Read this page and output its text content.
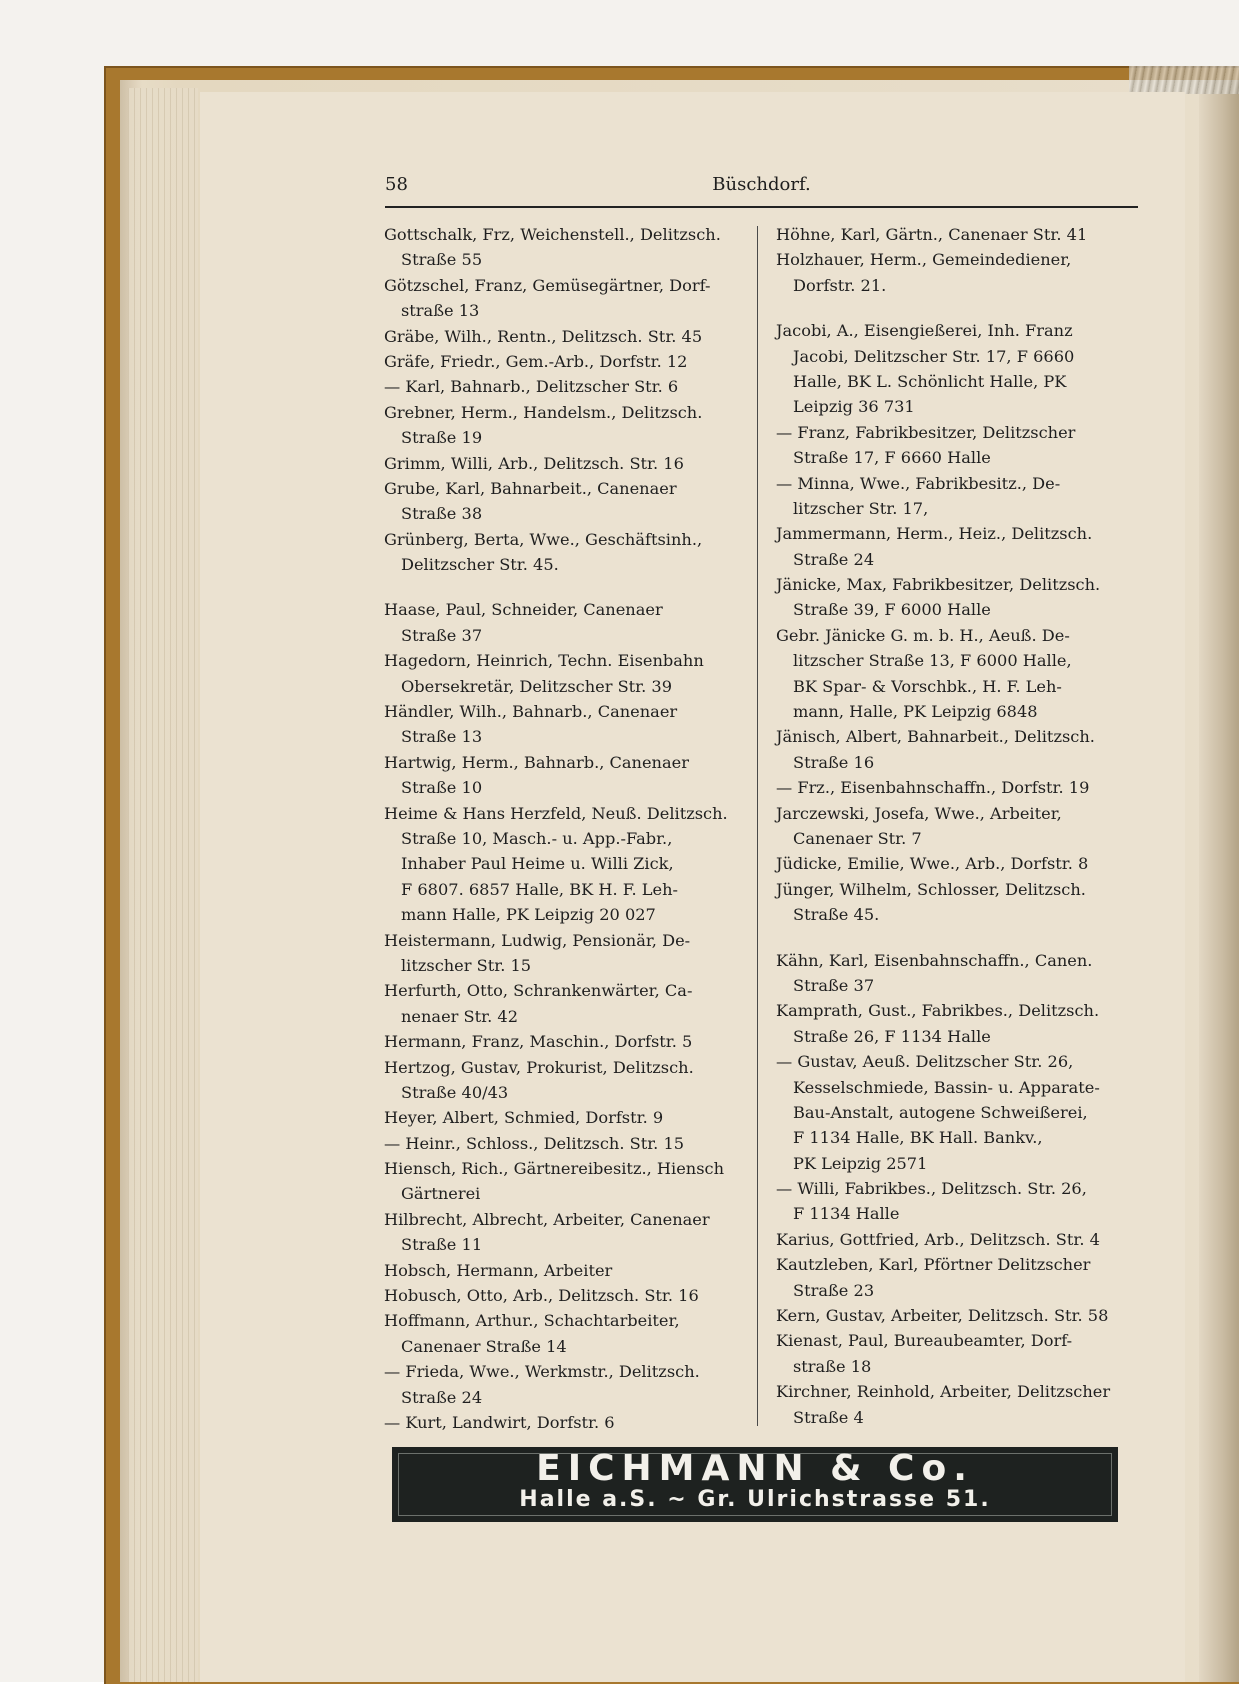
58	Büschdorf.
Gottschalk, Frz, Weichenstell., Delitzsch.
Straße 55
Götzschel, Franz, Gemüsegärtner, Dorf-
straße 13
Gräbe, Wilh., Rentn., Delitzsch. Str. 45
Gräfe, Friedr., Gem.-Arb., Dorfstr. 12
— Karl, Bahnarb., Delitzscher Str. 6
Grebner, Herm., Handelsm., Delitzsch.
Straße 19
Grimm, Willi, Arb., Delitzsch. Str. 16
Grube, Karl, Bahnarbeit., Canenaer
Straße 38
Grünberg, Berta, Wwe., Geschäftsinh.,
Delitzscher Str. 45.
Haase, Paul, Schneider, Canenaer
Straße 37
Hagedorn, Heinrich, Techn. Eisenbahn
Obersekretär, Delitzscher Str. 39
Händler, Wilh., Bahnarb., Canenaer
Straße 13
Hartwig, Herm., Bahnarb., Canenaer
Straße 10
Heime & Hans Herzfeld, Neuß. Delitzsch.
Straße 10, Masch.- u. App.-Fabr.,
Inhaber Paul Heime u. Willi Zick,
F 6807. 6857 Halle, BK H. F. Leh-
mann Halle, PK Leipzig 20 027
Heistermann, Ludwig, Pensionär, De-
litzscher Str. 15
Herfurth, Otto, Schrankenwärter, Ca-
nenaer Str. 42
Hermann, Franz, Maschin., Dorfstr. 5
Hertzog, Gustav, Prokurist, Delitzsch.
Straße 40/43
Heyer, Albert, Schmied, Dorfstr. 9
— Heinr., Schloss., Delitzsch. Str. 15
Hiensch, Rich., Gärtnereibesitz., Hiensch
Gärtnerei
Hilbrecht, Albrecht, Arbeiter, Canenaer
Straße 11
Hobsch, Hermann, Arbeiter
Hobusch, Otto, Arb., Delitzsch. Str. 16
Hoffmann, Arthur., Schachtarbeiter,
Canenaer Straße 14
— Frieda, Wwe., Werkmstr., Delitzsch.
Straße 24
— Kurt, Landwirt, Dorfstr. 6
Höhne, Karl, Gärtn., Canenaer Str. 41
Holzhauer, Herm., Gemeindediener,
Dorfstr. 21.
Jacobi, A., Eisengießerei, Inh. Franz
Jacobi, Delitzscher Str. 17, F 6660
Halle, BK L. Schönlicht Halle, PK
Leipzig 36 731
— Franz, Fabrikbesitzer, Delitzscher
Straße 17, F 6660 Halle
— Minna, Wwe., Fabrikbesitz., De-
litzscher Str. 17,
Jammermann, Herm., Heiz., Delitzsch.
Straße 24
Jänicke, Max, Fabrikbesitzer, Delitzsch.
Straße 39, F 6000 Halle
Gebr. Jänicke G. m. b. H., Aeuß. De-
litzscher Straße 13, F 6000 Halle,
BK Spar- & Vorschbk., H. F. Leh-
mann, Halle, PK Leipzig 6848
Jänisch, Albert, Bahnarbeit., Delitzsch.
Straße 16
— Frz., Eisenbahnschaffn., Dorfstr. 19
Jarczewski, Josefa, Wwe., Arbeiter,
Canenaer Str. 7
Jüdicke, Emilie, Wwe., Arb., Dorfstr. 8
Jünger, Wilhelm, Schlosser, Delitzsch.
Straße 45.
Kähn, Karl, Eisenbahnschaffn., Canen.
Straße 37
Kamprath, Gust., Fabrikbes., Delitzsch.
Straße 26, F 1134 Halle
— Gustav, Aeuß. Delitzscher Str. 26,
Kesselschmiede, Bassin- u. Apparate-
Bau-Anstalt, autogene Schweißerei,
F 1134 Halle, BK Hall. Bankv.,
PK Leipzig 2571
— Willi, Fabrikbes., Delitzsch. Str. 26,
F 1134 Halle
Karius, Gottfried, Arb., Delitzsch. Str. 4
Kautzleben, Karl, Pförtner Delitzscher
Straße 23
Kern, Gustav, Arbeiter, Delitzsch. Str. 58
Kienast, Paul, Bureaubeamter, Dorf-
straße 18
Kirchner, Reinhold, Arbeiter, Delitzscher
Straße 4
EICHMANN & Co.
Halle a.S. ~ Gr. Ulrichstrasse 51.
